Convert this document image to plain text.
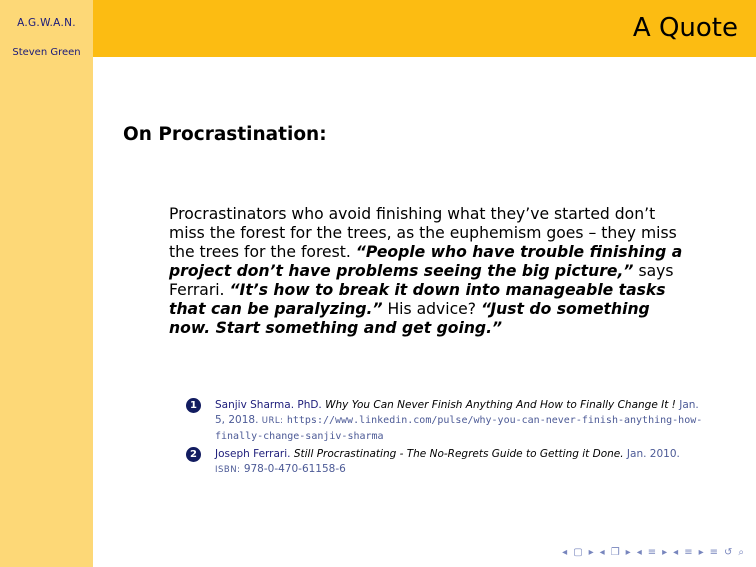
A.G.W.A.N.
Steven Green
A Quote
On Procrastination:
Procrastinators who avoid finishing what they’ve started don’t miss the forest for the trees, as the euphemism goes – they miss the trees for the forest. “People who have trouble finishing a project don’t have problems seeing the big picture,” says Ferrari. “It’s how to break it down into manageable tasks that can be paralyzing.” His advice? “Just do something now. Start something and get going.”
1	Sanjiv Sharma. PhD. Why You Can Never Finish Anything And How to Finally Change It ! Jan. 5, 2018. URL: https://www.linkedin.com/pulse/why-you-can-never-finish-anything-how-finally-change-sanjiv-sharma
2	Joseph Ferrari. Still Procrastinating - The No-Regrets Guide to Getting it Done. Jan. 2010. ISBN: 978-0-470-61158-6
◂ ▢ ▸ ◂ ❐ ▸ ◂ ≡ ▸ ◂ ≡ ▸ ≡ ↺ ⌕
